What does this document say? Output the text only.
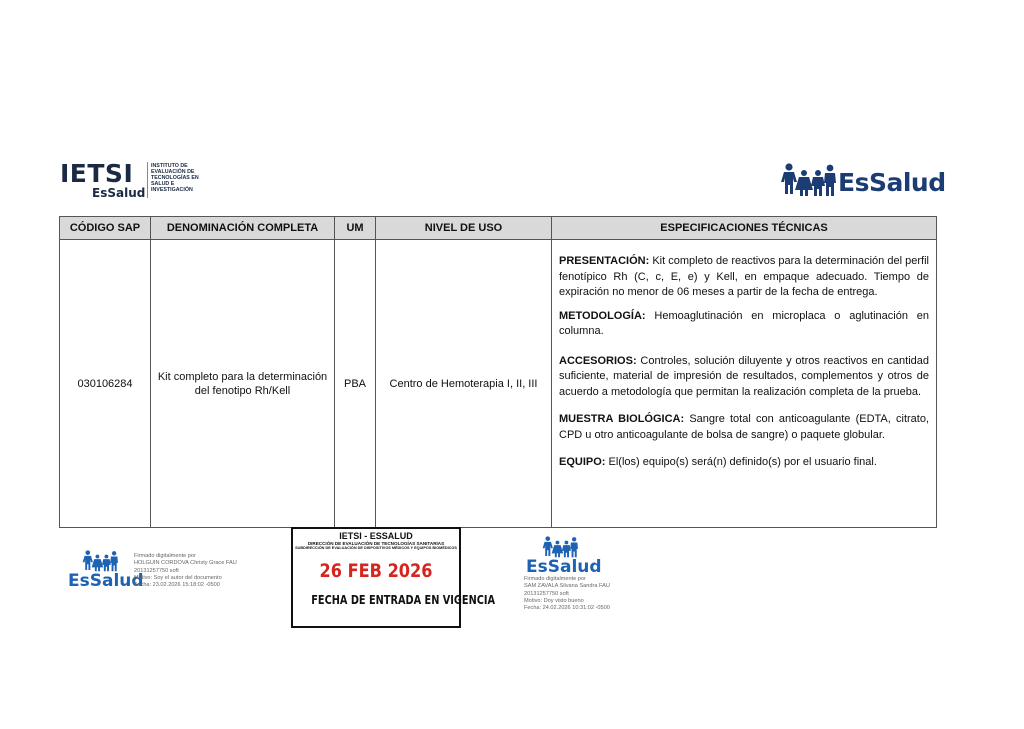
IETSI
EsSalud
INSTITUTO DE
EVALUACIÓN DE
TECNOLOGÍAS EN
SALUD E
INVESTIGACIÓN	EsSalud
CÓDIGO SAP	DENOMINACIÓN COMPLETA	UM	NIVEL DE USO	ESPECIFICACIONES TÉCNICAS
030106284	Kit completo para la determinación del fenotipo Rh/Kell	PBA	Centro de Hemoterapia I, II, III	PRESENTACIÓN: Kit completo de reactivos para la determinación del perfil fenotípico Rh (C, c, E, e) y Kell, en empaque adecuado. Tiempo de expiración no menor de 06 meses a partir de la fecha de entrega.
METODOLOGÍA: Hemoaglutinación en microplaca o aglutinación en columna.
ACCESORIOS: Controles, solución diluyente y otros reactivos en cantidad suficiente, material de impresión de resultados, complementos y otros de acuerdo a metodología que permitan la realización completa de la prueba.
MUESTRA BIOLÓGICA: Sangre total con anticoagulante (EDTA, citrato, CPD u otro anticoagulante de bolsa de sangre) o paquete globular.
EQUIPO: El(los) equipo(s) será(n) definido(s) por el usuario final.
EsSalud
Firmado digitalmente por
HOLGUIN CORDOVA Christy Grace FAU
20131257750 soft
Motivo: Soy el autor del documento
Fecha: 23.02.2026 15:18:02 -0500
IETSI - ESSALUD
DIRECCIÓN DE EVALUACIÓN DE TECNOLOGÍAS SANITARIAS
SUBDIRECCIÓN DE EVALUACIÓN DE DISPOSITIVOS MÉDICOS Y EQUIPOS BIOMÉDICOS
26 FEB 2026
FECHA DE ENTRADA EN VIGENCIA
EsSalud
Firmado digitalmente por
SAM ZAVALA Silvana Sandra FAU
20131257750 soft
Motivo: Doy visto bueno
Fecha: 24.02.2026 10:31:02 -0500
